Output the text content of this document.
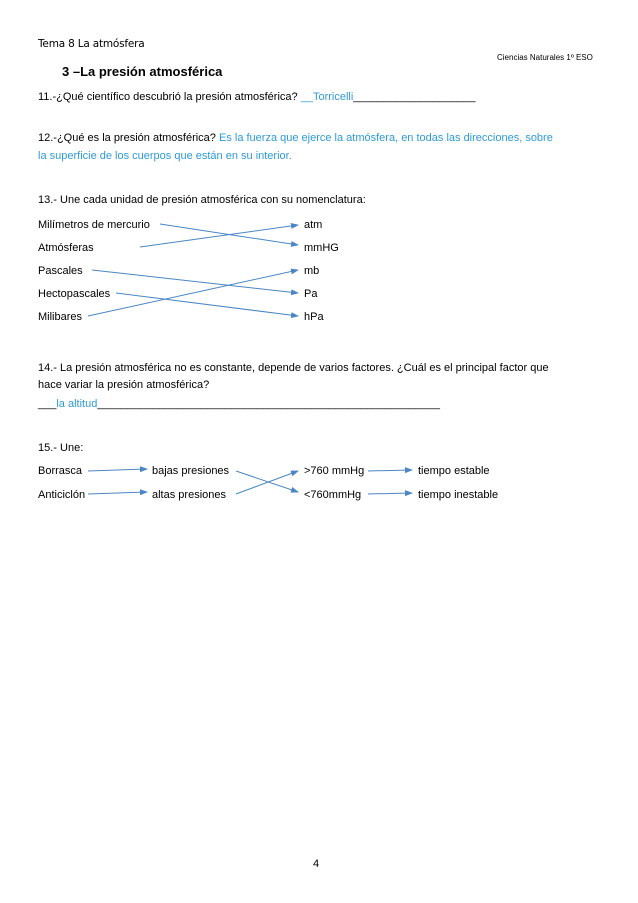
Tema 8 La atmósfera
Ciencias Naturales 1º ESO
3 –La presión atmosférica
11.-¿Qué científico descubrió la presión atmosférica? __Torricelli____________________
12.-¿Qué es la presión atmosférica? Es la fuerza que ejerce la atmósfera, en todas las direcciones, sobre
la superficie de los cuerpos que están en su interior.
13.- Une cada unidad de presión atmosférica con su nomenclatura:
Milímetros de mercurio
Atmósferas
Pascales
Hectopascales
Milibares
atm
mmHG
mb
Pa
hPa
14.- La presión atmosférica no es constante, depende de varios factores. ¿Cuál es el principal factor que
hace variar la presión atmosférica?
___la altitud________________________________________________________
15.- Une:
Borrasca
Anticiclón
bajas presiones
altas presiones
>760 mmHg
<760mmHg
tiempo estable
tiempo inestable
4
